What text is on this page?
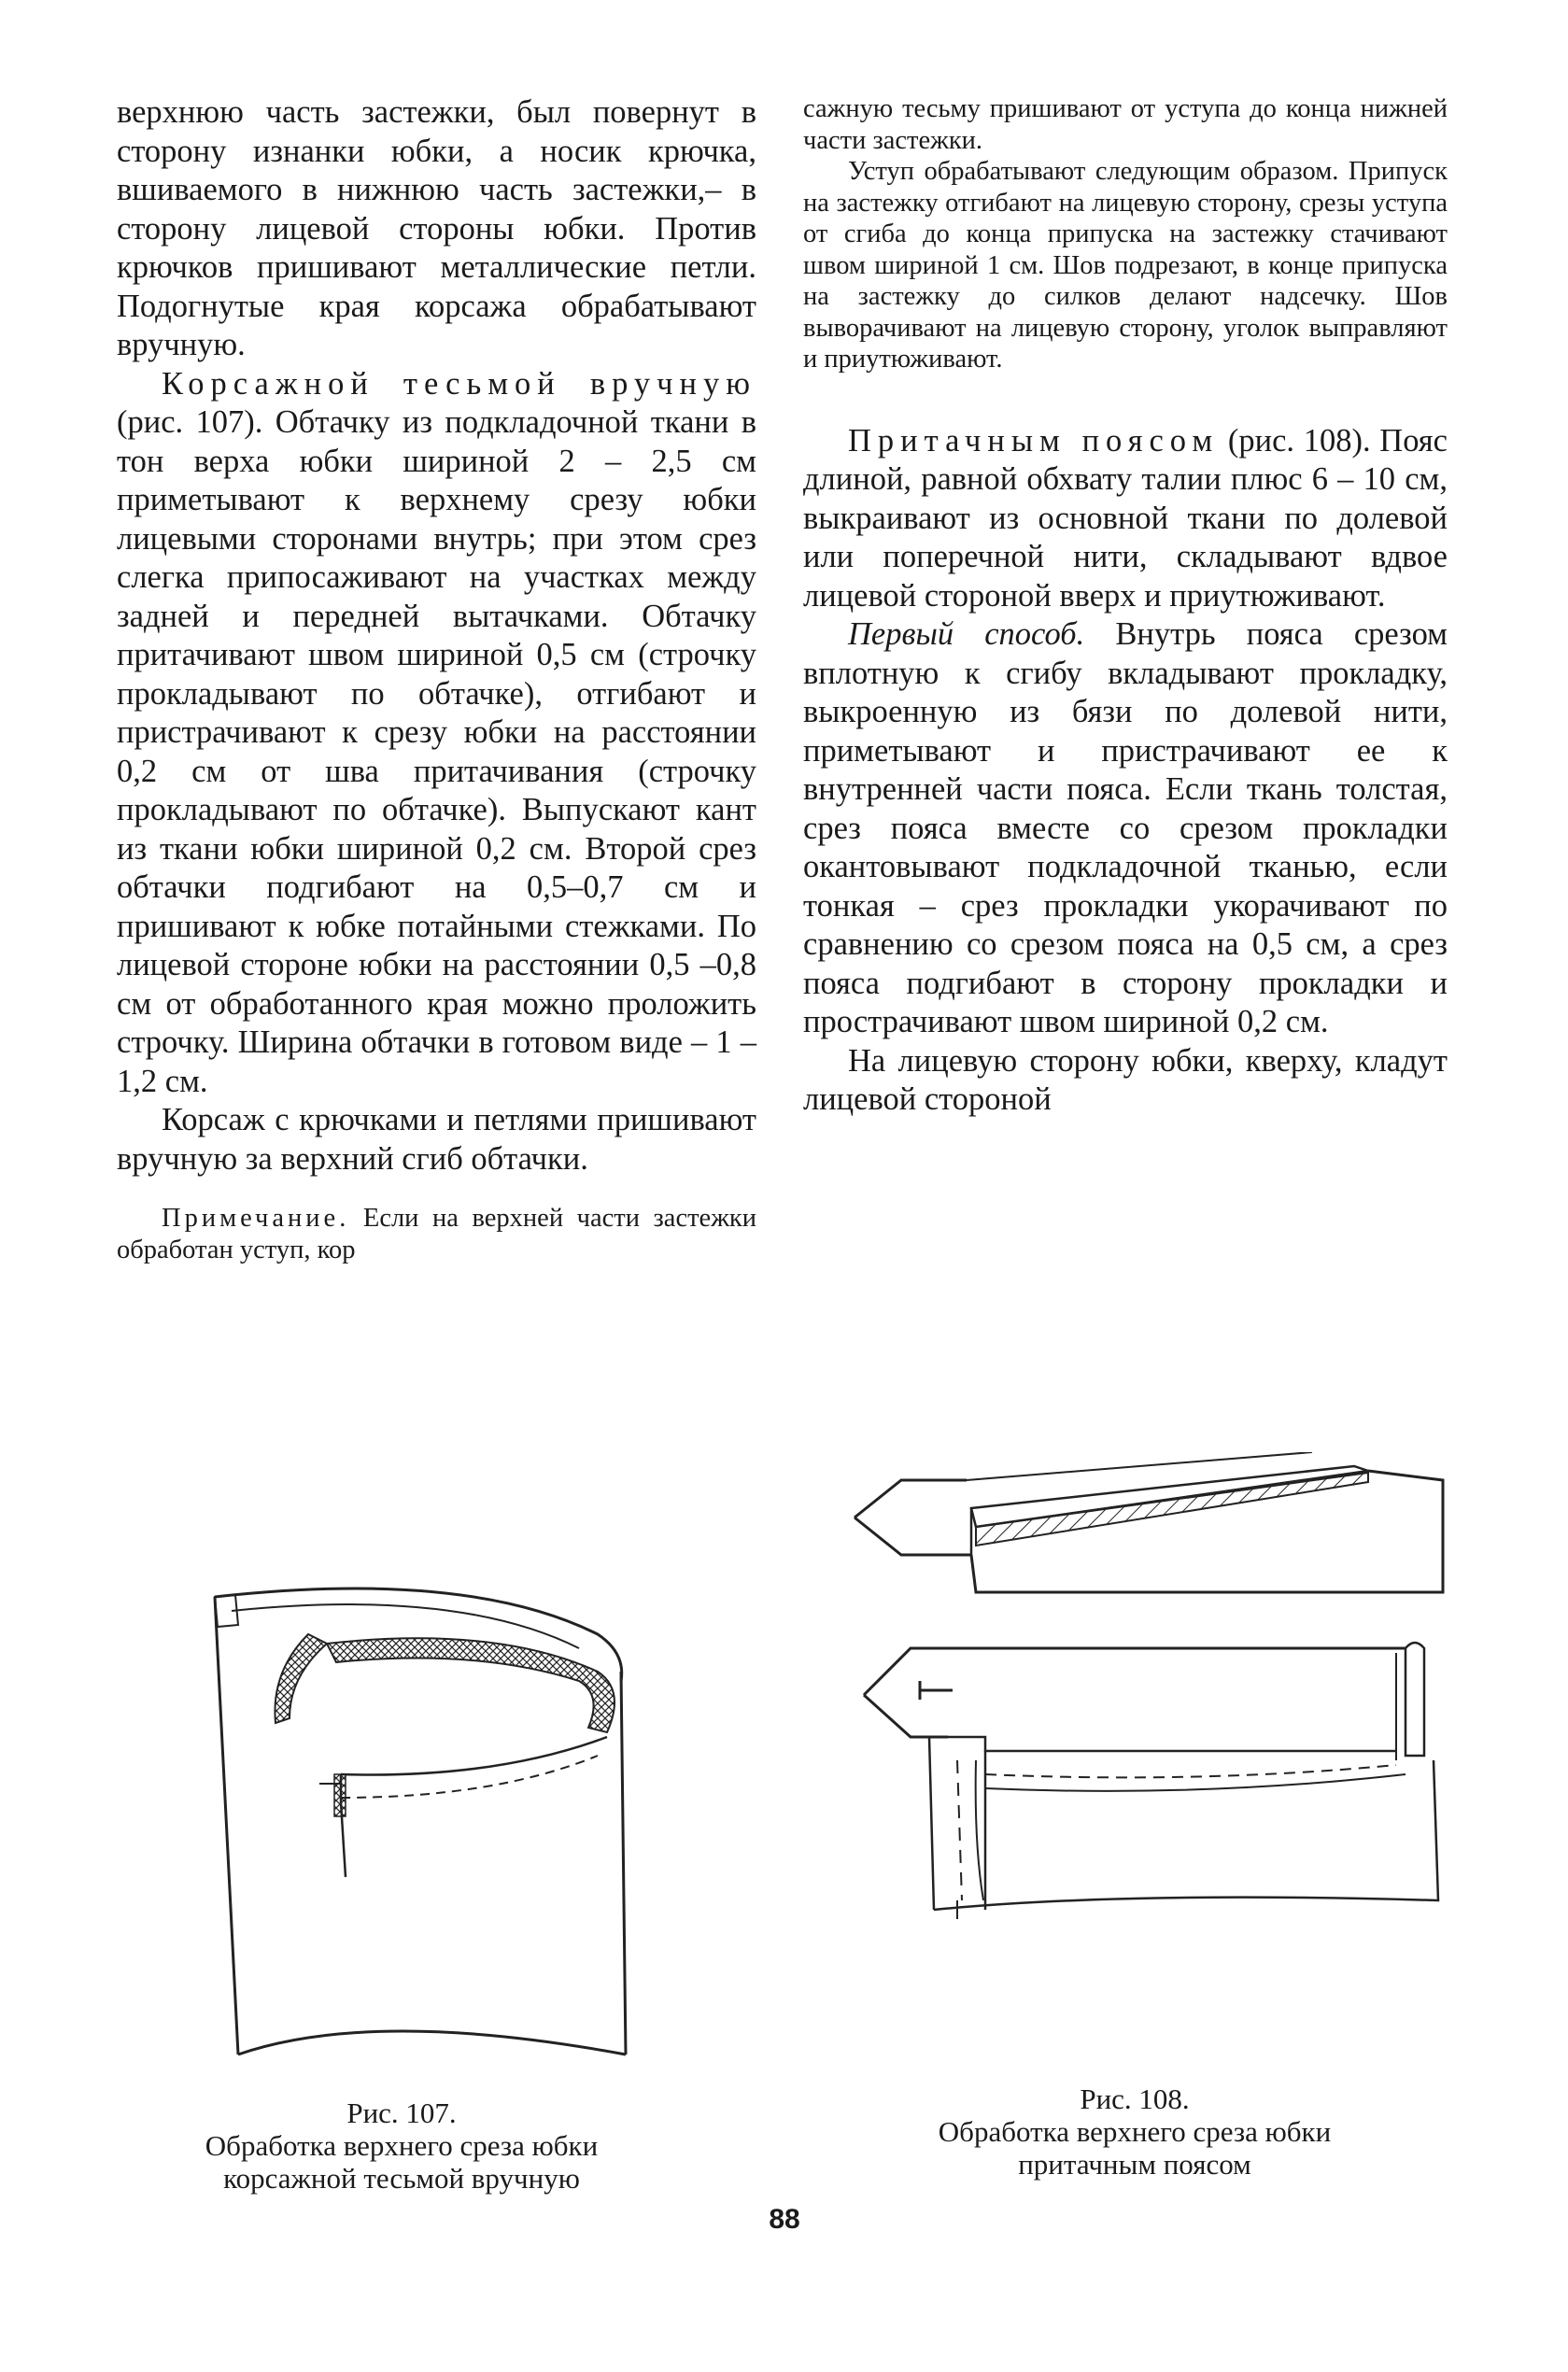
верхнюю часть застежки, был повернут в сторону изнанки юбки, а носик крючка, вшиваемого в нижнюю часть застежки,– в сторону лицевой стороны юбки. Против крючков пришивают металлические петли. Подогнутые края корсажа обрабатывают вручную.

Корсажной тесьмой вручную (рис. 107). Обтачку из подкладочной ткани в тон верха юбки шириной 2 – 2,5 см приметывают к верхнему срезу юбки лицевыми сторонами внутрь; при этом срез слегка припосаживают на участках между задней и передней вытачками. Обтачку притачивают швом шириной 0,5 см (строчку прокладывают по обтачке), отгибают и пристрачивают к срезу юбки на расстоянии 0,2 см от шва притачивания (строчку прокладывают по обтачке). Выпускают кант из ткани юбки шириной 0,2 см. Второй срез обтачки подгибают на 0,5–0,7 см и пришивают к юбке потайными стежками. По лицевой стороне юбки на расстоянии 0,5 –0,8 см от обработанного края можно проложить строчку. Ширина обтачки в готовом виде – 1 –1,2 см.

Корсаж с крючками и петлями пришивают вручную за верхний сгиб обтачки.

Примечание. Если на верхней части застежки обработан уступ, кор

сажную тесьму пришивают от уступа до конца нижней части застежки.

Уступ обрабатывают следующим образом. Припуск на застежку отгибают на лицевую сторону, срезы уступа от сгиба до конца припуска на застежку стачивают швом шириной 1 см. Шов подрезают, в конце припуска на застежку до силков делают надсечку. Шов выворачивают на лицевую сторону, уголок выправляют и приутюживают.

Притачным поясом (рис. 108). Пояс длиной, равной обхвату талии плюс 6 – 10 см, выкраивают из основной ткани по долевой или поперечной нити, складывают вдвое лицевой стороной вверх и приутюживают.

Первый способ. Внутрь пояса срезом вплотную к сгибу вкладывают прокладку, выкроенную из бязи по долевой нити, приметывают и пристрачивают ее к внутренней части пояса. Если ткань толстая, срез пояса вместе со срезом прокладки окантовывают подкладочной тканью, если тонкая – срез прокладки укорачивают по сравнению со срезом пояса на 0,5 см, а срез пояса подгибают в сторону прокладки и прострачивают швом шириной 0,2 см.

На лицевую сторону юбки, кверху, кладут лицевой стороной

Рис. 107.
Обработка верхнего среза юбки
корсажной тесьмой вручную
Рис. 108.
Обработка верхнего среза юбки
притачным поясом
88
